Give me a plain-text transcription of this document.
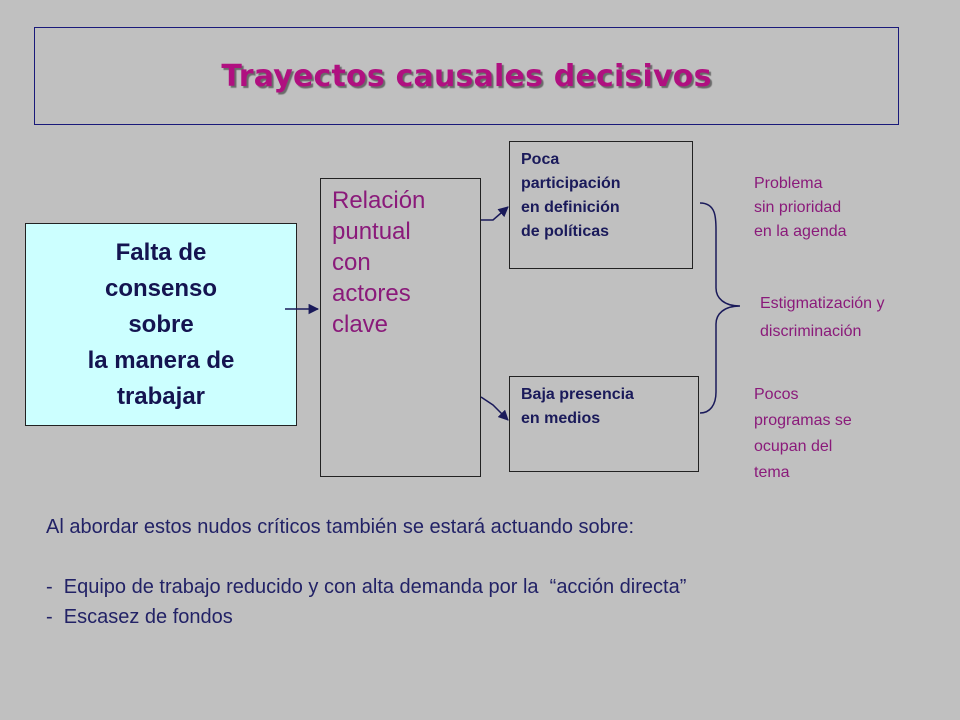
Trayectos causales decisivos
Falta de
consenso
sobre
la manera de
trabajar
Relación
puntual
con
actores
clave
Poca
participación
en definición
de políticas
Baja presencia
en medios
Problema
sin prioridad
en la agenda
Estigmatización y
discriminación
Pocos
programas se
ocupan del
tema
Al abordar estos nudos críticos también se estará actuando sobre:

-  Equipo de trabajo reducido y con alta demanda por la  “acción directa”
-  Escasez de fondos
